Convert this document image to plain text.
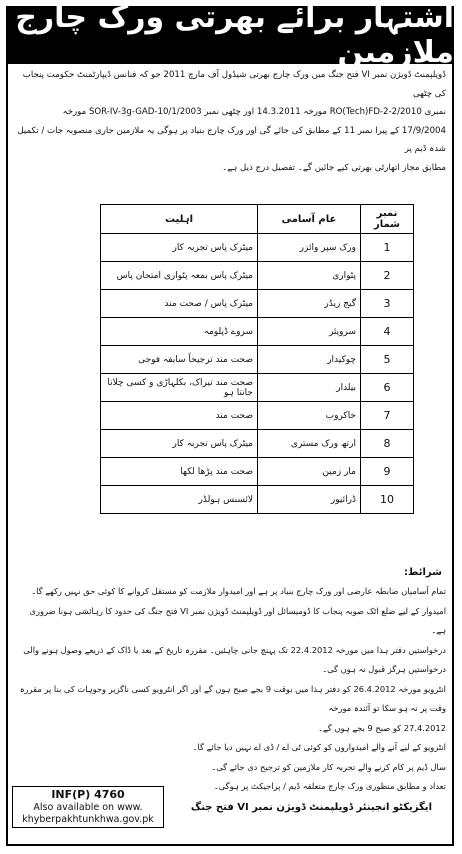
اشتہار برائے بھرتی ورک چارج ملازمین

ڈویلپمنٹ ڈویژن نمبر VI فتح جنگ میں ورک چارج بھرتی شیڈول آف مارچ 2011 جو کہ فنانس ڈیپارٹمنٹ حکومت پنجاب کی چٹھی

نمبری RO(Tech)FD-2-2/2010 مورخہ 14.3.2011 اور چٹھی نمبر SOR-IV-3g-GAD-10/1/2003 مورخہ

17/9/2004 کے پیرا نمبر 11 کے مطابق کی جائے گی اور ورک چارج بنیاد پر ہوگی یہ ملازمین جاری منصوبہ جات / تکمیل شدہ ڈیم پر

مطابق مجاز اتھارٹی بھرتی کیے جائیں گے۔ تفصیل درج ذیل ہے۔

نمبر شمار	عام آسامی	اہلیت
1	ورک سپر وائزر	میٹرک پاس تجربہ کار
2	پٹواری	میٹرک پاس بمعہ پٹواری امتحان پاس
3	گیج ریڈر	میٹرک پاس / صحت مند
4	سرویئر	سروے ڈپلومہ
5	چوکیدار	صحت مند ترجیحاً سابقہ فوجی
6	بیلدار	صحت مند تیراک، بکلہاڑی و کسی چلانا جانتا ہو
7	خاکروب	صحت مند
8	ارتھ ورک مستری	میٹرک پاس تجربہ کار
9	مار زمین	صحت مند پڑھا لکھا
10	ڈرائیور	لائسنس ہولڈر
شرائط:

تمام آسامیاں ضابطہ عارضی اور ورک چارج بنیاد پر ہے اور امیدوار ملازمت کو مستقل کروانے کا کوئی حق نہیں رکھے گا۔

امیدوار کے لیے ضلع اٹک صوبہ پنجاب کا ڈومیسائل اور ڈویلپمنٹ ڈویژن نمبر VI فتح جنگ کی حدود کا رہائشی ہونا ضروری ہے۔

درخواستیں دفتر ہذا میں مورخہ 22.4.2012 تک پہنچ جانی چاہئیں۔ مقررہ تاریخ کے بعد یا ڈاک کے ذریعے وصول ہونے والی درخواستیں ہرگز قبول نہ ہوں گی۔

انٹرویو مورخہ 26.4.2012 کو دفتر ہذا میں بوقت 9 بجے صبح ہوں گے اور اگر انٹرویو کسی ناگزیر وجوہات کی بنا پر مقررہ وقت پر نہ ہو سکا تو آئندہ مورخہ

27.4.2012 کو صبح 9 بجے ہوں گے۔

انٹرویو کے لیے آنے والے امیدواروں کو کوئی ٹی اے / ڈی اے نہیں دیا جائے گا۔

سال ڈیم پر کام کرنے والے تجربہ کار ملازمین کو ترجیح دی جائے گی۔

تعداد و مطابق منظوری ورک چارج متعلقہ ڈیم / پراجیکٹ پر ہوگی۔

INF(P) 4760
Also available on www.
khyberpakhtunkhwa.gov.pk
ایگزیکٹو انجینئر ڈویلپمنٹ ڈویژن نمبر VI فتح جنگ
